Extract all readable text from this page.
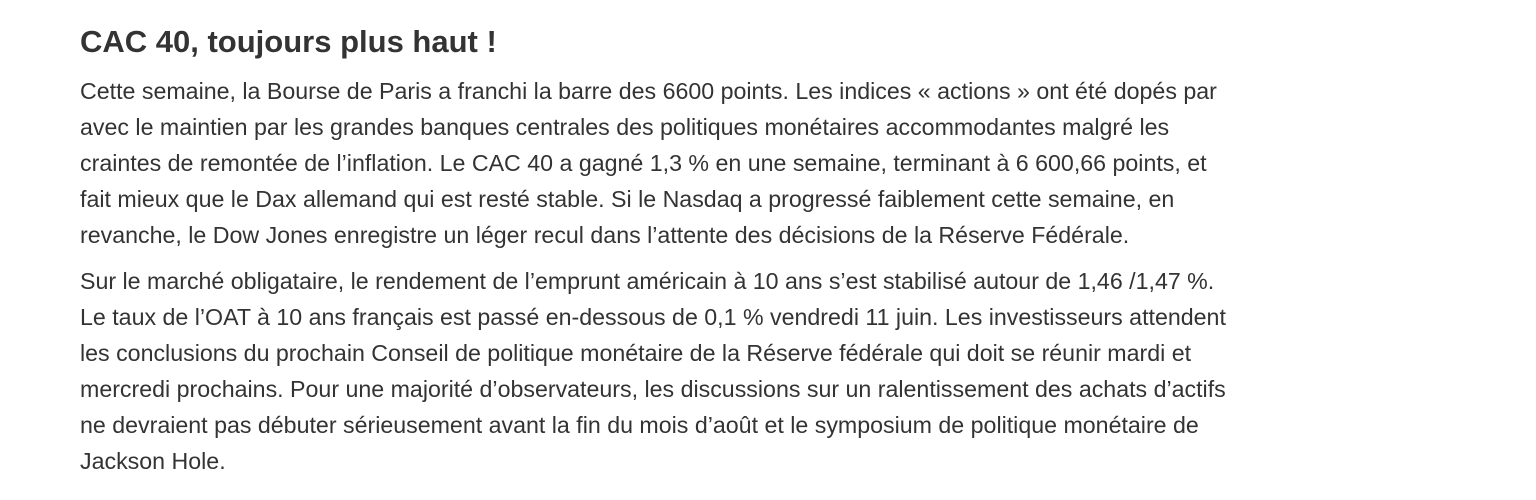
CAC 40, toujours plus haut !

Cette semaine, la Bourse de Paris a franchi la barre des 6600 points. Les indices « actions » ont été dopés par
avec le maintien par les grandes banques centrales des politiques monétaires accommodantes malgré les
craintes de remontée de l’inflation. Le CAC 40 a gagné 1,3 % en une semaine, terminant à 6 600,66 points, et
fait mieux que le Dax allemand qui est resté stable. Si le Nasdaq a progressé faiblement cette semaine, en
revanche, le Dow Jones enregistre un léger recul dans l’attente des décisions de la Réserve Fédérale.

Sur le marché obligataire, le rendement de l’emprunt américain à 10 ans s’est stabilisé autour de 1,46 /1,47 %.
Le taux de l’OAT à 10 ans français est passé en-dessous de 0,1 % vendredi 11 juin. Les investisseurs attendent
les conclusions du prochain Conseil de politique monétaire de la Réserve fédérale qui doit se réunir mardi et
mercredi prochains. Pour une majorité d’observateurs, les discussions sur un ralentissement des achats d’actifs
ne devraient pas débuter sérieusement avant la fin du mois d’août et le symposium de politique monétaire de
Jackson Hole.
